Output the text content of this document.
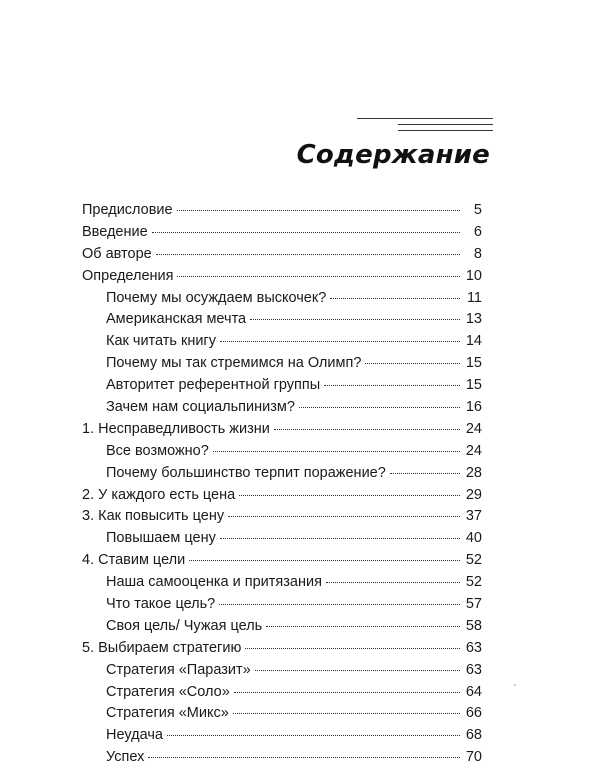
Содержание
Предисловие	5
Введение	6
Об авторе	8
Определения	10
Почему мы осуждаем выскочек?	11
Американская мечта	13
Как читать книгу	14
Почему мы так стремимся на Олимп?	15
Авторитет референтной группы	15
Зачем нам социальпинизм?	16
1. Несправедливость жизни	24
Все возможно?	24
Почему большинство терпит поражение?	28
2. У каждого есть цена	29
3. Как повысить цену	37
Повышаем цену	40
4. Ставим цели	52
Наша самооценка и притязания	52
Что такое цель?	57
Своя цель/ Чужая цель	58
5. Выбираем стратегию	63
Стратегия «Паразит»	63
Стратегия «Соло»	64
Стратегия «Микс»	66
Неудача	68
Успех	70
